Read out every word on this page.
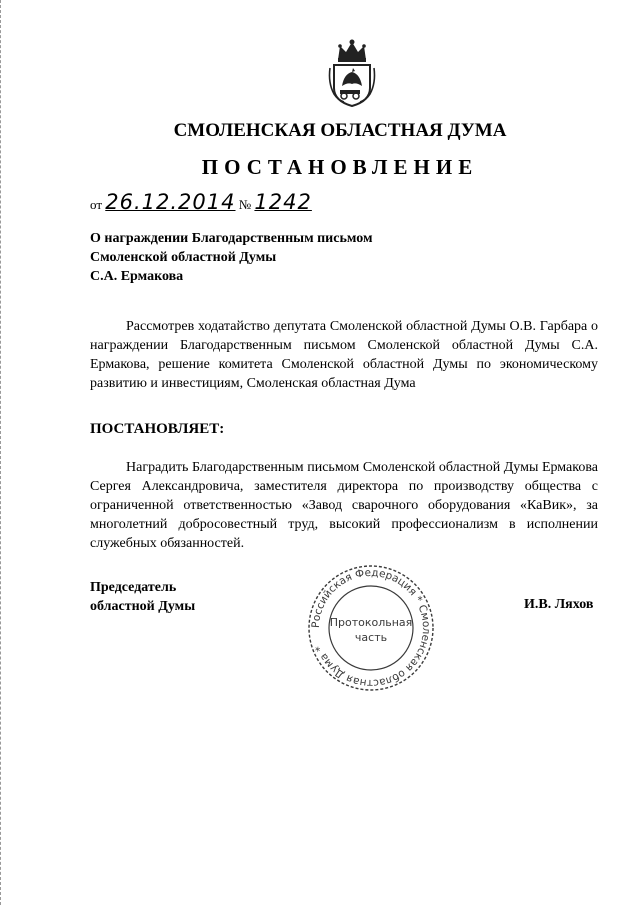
СМОЛЕНСКАЯ ОБЛАСТНАЯ ДУМА
ПОСТАНОВЛЕНИЕ
от 26.12.2014 № 1242
О награждении Благодарственным письмом
Смоленской областной Думы
С.А. Ермакова
Рассмотрев ходатайство депутата Смоленской областной Думы О.В. Гарбара о награждении Благодарственным письмом Смоленской областной Думы С.А. Ермакова, решение комитета Смоленской областной Думы по экономическому развитию и инвестициям, Смоленская областная Дума
ПОСТАНОВЛЯЕТ:
Наградить Благодарственным письмом Смоленской областной Думы Ермакова Сергея Александровича, заместителя директора по производству общества с ограниченной ответственностью «Завод сварочного оборудования «КаВик», за многолетний добросовестный труд, высокий профессионализм в исполнении служебных обязанностей.
Председатель
областной Думы
Российская Федерация * Смоленская областная Дума *
Протокольная
часть
И.В. Ляхов
